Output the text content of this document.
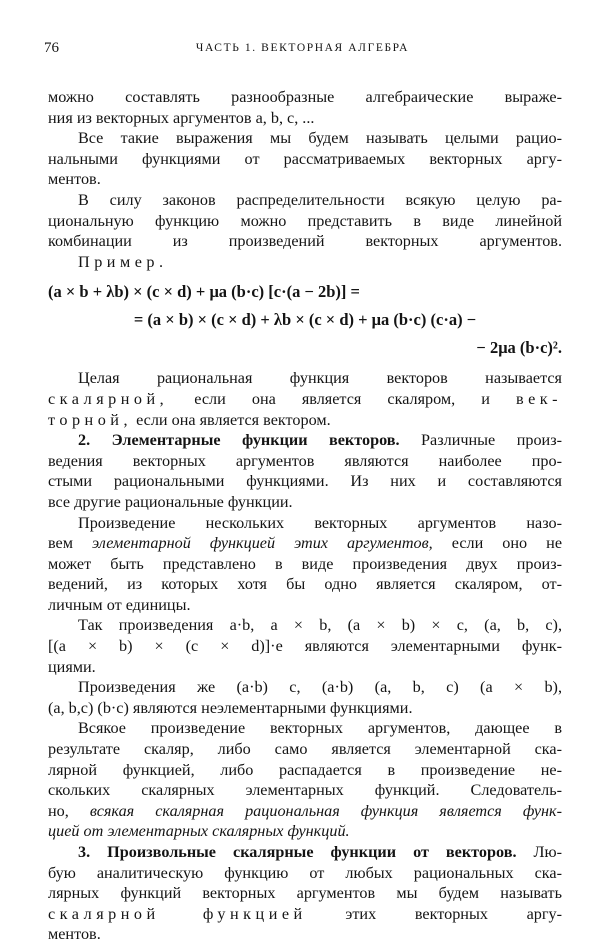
76	ЧАСТЬ 1. ВЕКТОРНАЯ АЛГЕБРА
можно составлять разнообразные алгебраические выраже-
ния из векторных аргументов a, b, c, ...
Все такие выражения мы будем называть целыми рацио-
нальными функциями от рассматриваемых векторных аргу-
ментов.
В силу законов распределительности всякую целую ра-
циональную функцию можно представить в виде линейной
комбинации из произведений векторных аргументов.
Пример.
(a × b + λb) × (c × d) + μa (b·c) [c·(a − 2b)] =
= (a × b) × (c × d) + λb × (c × d) + μa (b·c) (c·a) −
− 2μa (b·c)².
Целая рациональная функция векторов называется
скалярной, если она является скаляром, и век-
торной, если она является вектором.
2. Элементарные функции векторов. Различные произ-
ведения векторных аргументов являются наиболее про-
стыми рациональными функциями. Из них и составляются
все другие рациональные функции.
Произведение нескольких векторных аргументов назо-
вем элементарной функцией этих аргументов, если оно не
может быть представлено в виде произведения двух произ-
ведений, из которых хотя бы одно является скаляром, от-
личным от единицы.
Так произведения a·b, a × b, (a × b) × c, (a, b, c),
[(a × b) × (c × d)]·e являются элементарными функ-
циями.
Произведения же (a·b) c, (a·b) (a, b, c) (a × b),
(a, b,c) (b·c) являются неэлементарными функциями.
Всякое произведение векторных аргументов, дающее в
результате скаляр, либо само является элементарной ска-
лярной функцией, либо распадается в произведение не-
скольких скалярных элементарных функций. Следователь-
но, всякая скалярная рациональная функция является функ-
цией от элементарных скалярных функций.
3. Произвольные скалярные функции от векторов. Лю-
бую аналитическую функцию от любых рациональных ска-
лярных функций векторных аргументов мы будем называть
скалярной функцией этих векторных аргу-
ментов.
